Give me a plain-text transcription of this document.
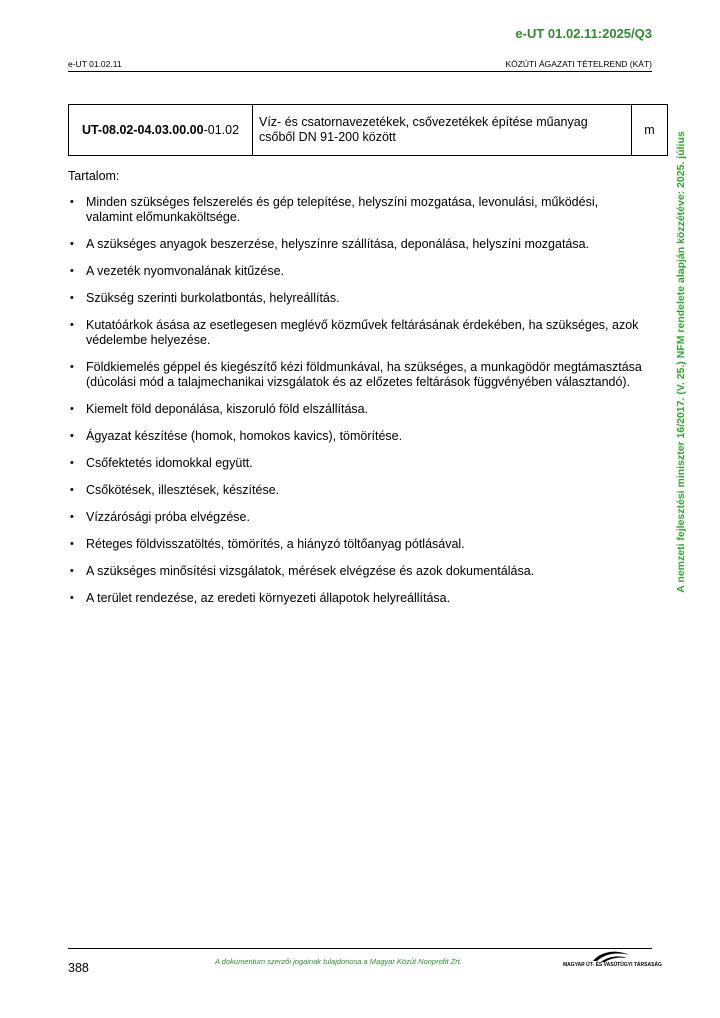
e-UT 01.02.11:2025/Q3
e-UT 01.02.11	KÖZÚTI ÁGAZATI TÉTELREND (KÁT)
UT-08.02-04.03.00.00-01.02	Víz- és csatornavezetékek, csővezetékek építése műanyag csőből DN 91-200 között	m
Tartalom:
• Minden szükséges felszerelés és gép telepítése, helyszíni mozgatása, levonulási, működési, valamint előmunkaköltsége.
• A szükséges anyagok beszerzése, helyszínre szállítása, deponálása, helyszíni mozgatása.
• A vezeték nyomvonalának kitűzése.
• Szükség szerinti burkolatbontás, helyreállítás.
• Kutatóárkok ásása az esetlegesen meglévő közművek feltárásának érdekében, ha szükséges, azok védelembe helyezése.
• Földkiemelés géppel és kiegészítő kézi földmunkával, ha szükséges, a munkagödör megtámasztása (dúcolási mód a talajmechanikai vizsgálatok és az előzetes feltárások függvényében választandó).
• Kiemelt föld deponálása, kiszoruló föld elszállítása.
• Ágyazat készítése (homok, homokos kavics), tömörítése.
• Csőfektetés idomokkal együtt.
• Csőkötések, illesztések, készítése.
• Vízzárósági próba elvégzése.
• Réteges földvisszatöltés, tömörítés, a hiányzó töltőanyag pótlásával.
• A szükséges minősítési vizsgálatok, mérések elvégzése és azok dokumentálása.
• A terület rendezése, az eredeti környezeti állapotok helyreállítása.
A nemzeti fejlesztési miniszter 16/2017. (V. 25.) NFM rendelete alapján közzétéve: 2025. július
388	A dokumentum szerzői jogainak tulajdonosa a Magyar Közút Nonprofit Zrt.	MAGYAR ÚT- ÉS VASÚTÜGYI TÁRSASÁG
